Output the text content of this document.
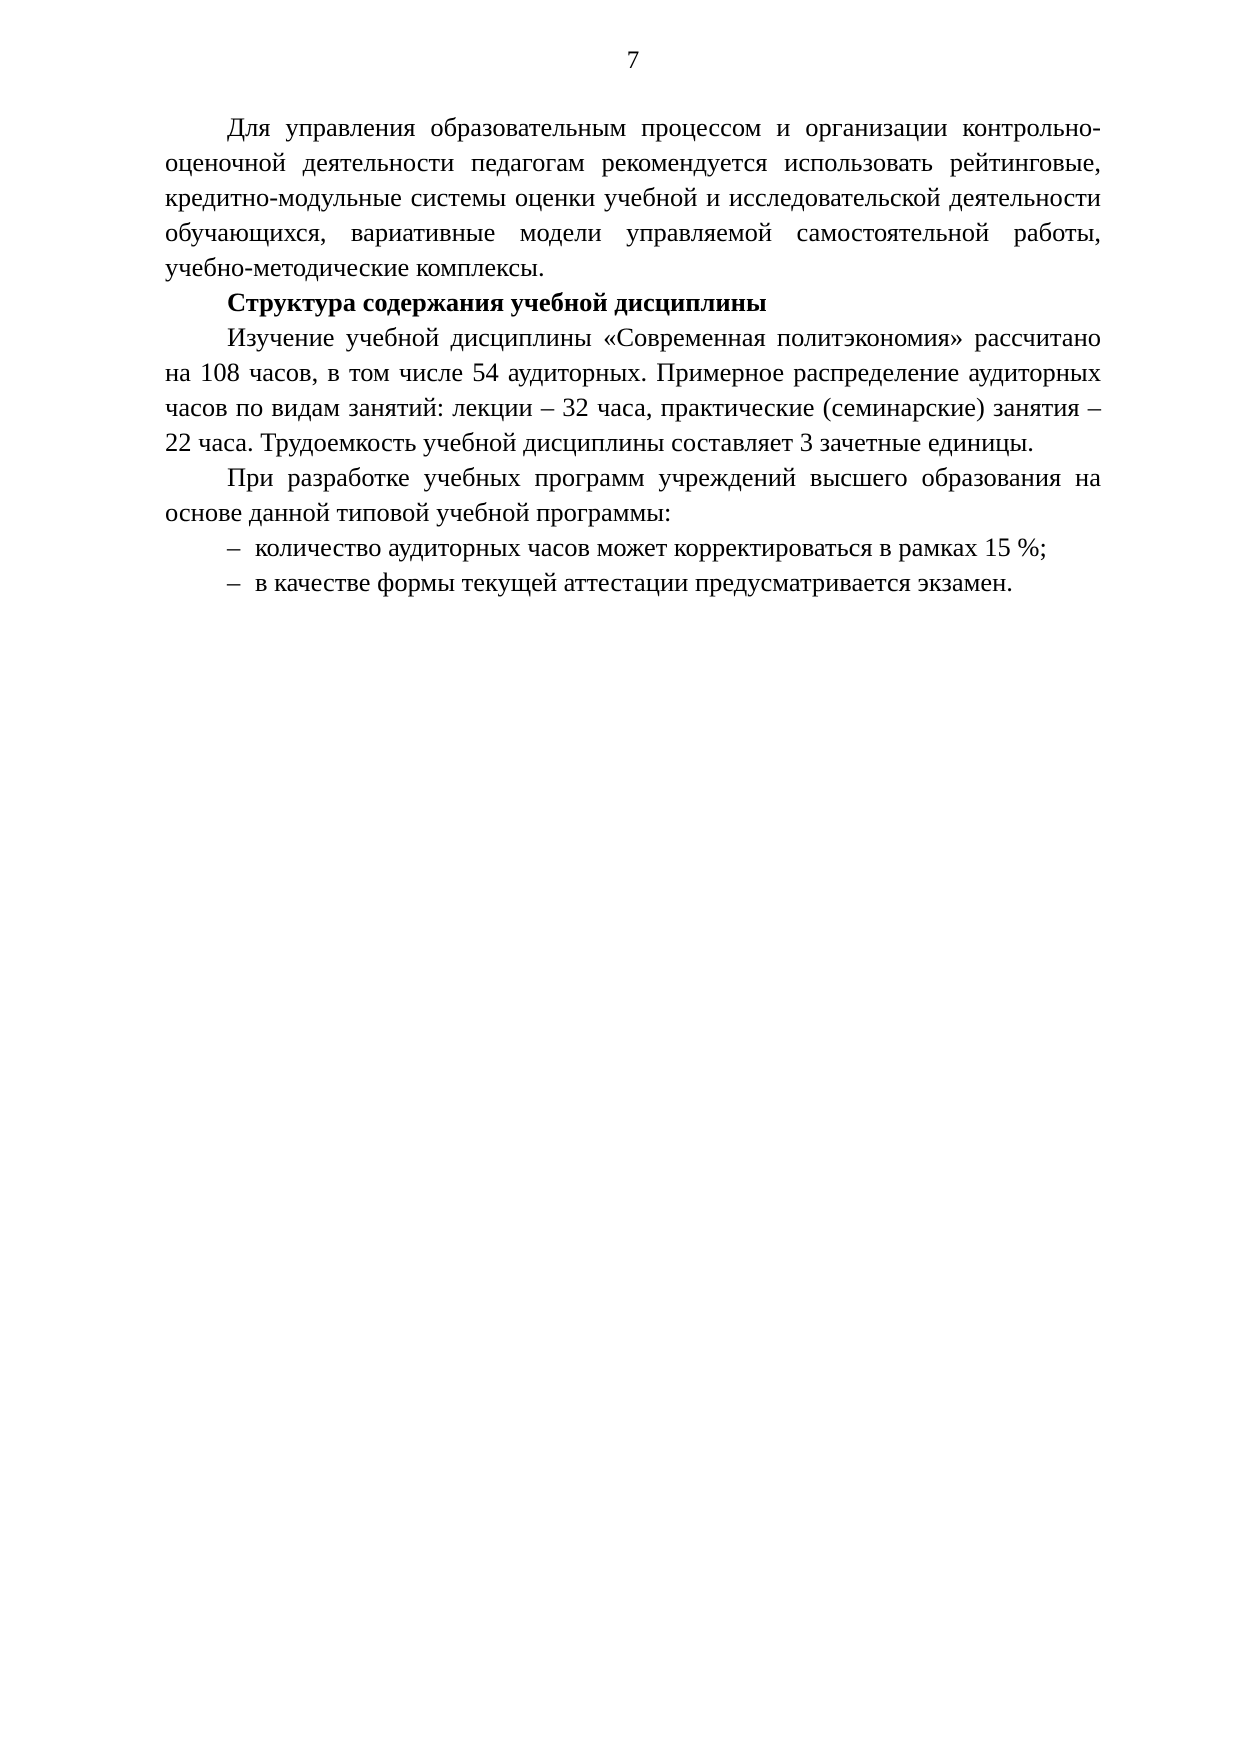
7

Для управления образовательным процессом и организации контрольно-оценочной деятельности педагогам рекомендуется использовать рейтинговые, кредитно-модульные системы оценки учебной и исследовательской деятельности обучающихся, вариативные модели управляемой самостоятельной работы, учебно-методические комплексы.

Структура содержания учебной дисциплины

Изучение учебной дисциплины «Современная политэкономия» рассчитано на 108 часов, в том числе 54 аудиторных. Примерное распределение аудиторных часов по видам занятий: лекции – 32 часа, практические (семинарские) занятия – 22 часа. Трудоемкость учебной дисциплины составляет 3 зачетные единицы.

При разработке учебных программ учреждений высшего образования на основе данной типовой учебной программы:

– количество аудиторных часов может корректироваться в рамках 15 %;
– в качестве формы текущей аттестации предусматривается экзамен.
